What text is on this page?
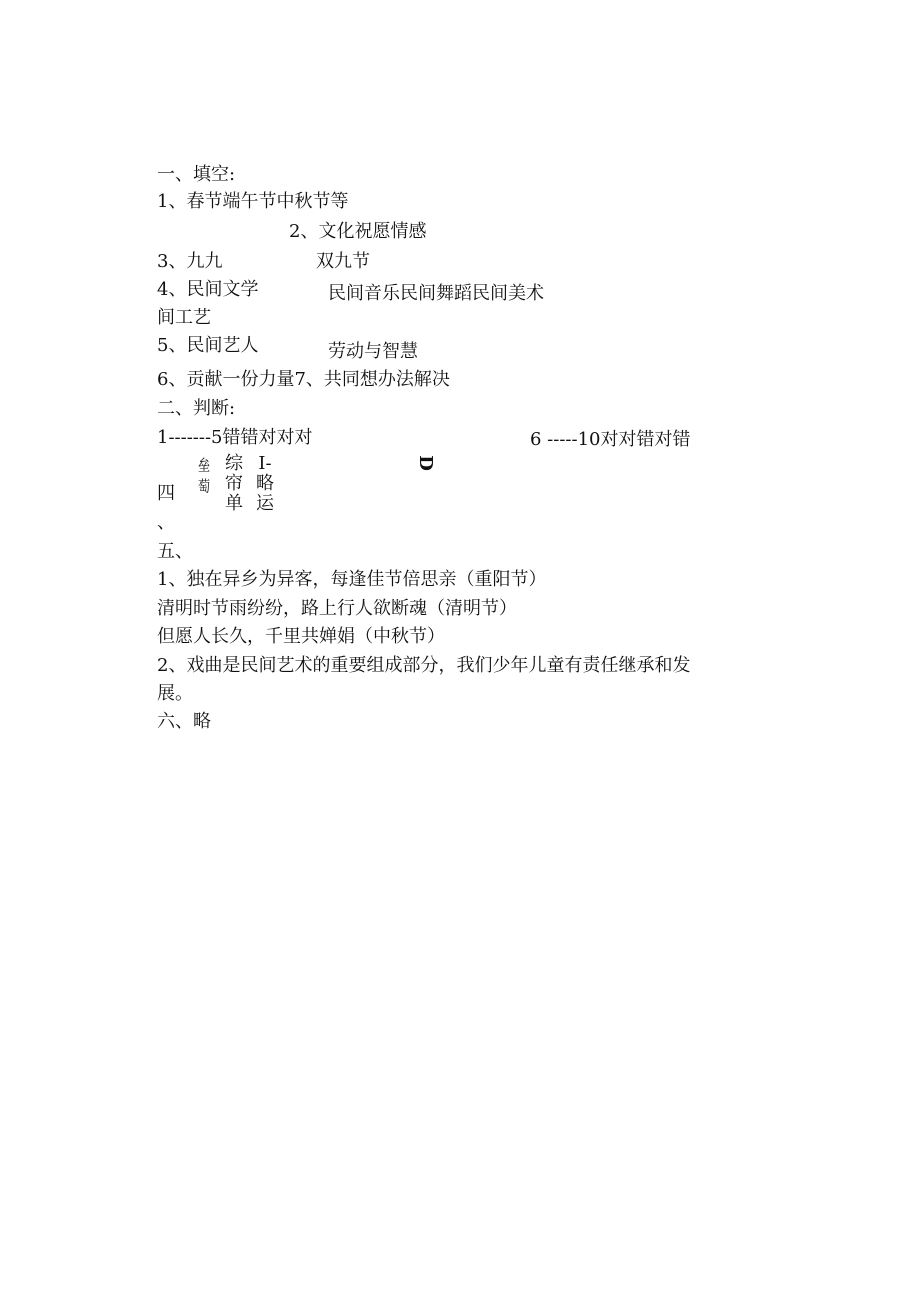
一、填空:
1、春节端午节中秋节等
2、文化祝愿情感
3、九九	双九节
4、民间文学	民间音乐民间舞蹈民间美术
间工艺
5、民间艺人	劳动与智慧
6、贡献一份力量7、共同想办法解决
二、判断:
1-------5错错对对对	6 -----10对对错对错
四
、
垒
萄
综
帘
单
I-
略
运
D
五、
1、独在异乡为异客，每逢佳节倍思亲（重阳节）
清明时节雨纷纷，路上行人欲断魂（清明节）
但愿人长久，千里共婵娟（中秋节）
2、戏曲是民间艺术的重要组成部分，我们少年儿童有责任继承和发
展。
六、略
